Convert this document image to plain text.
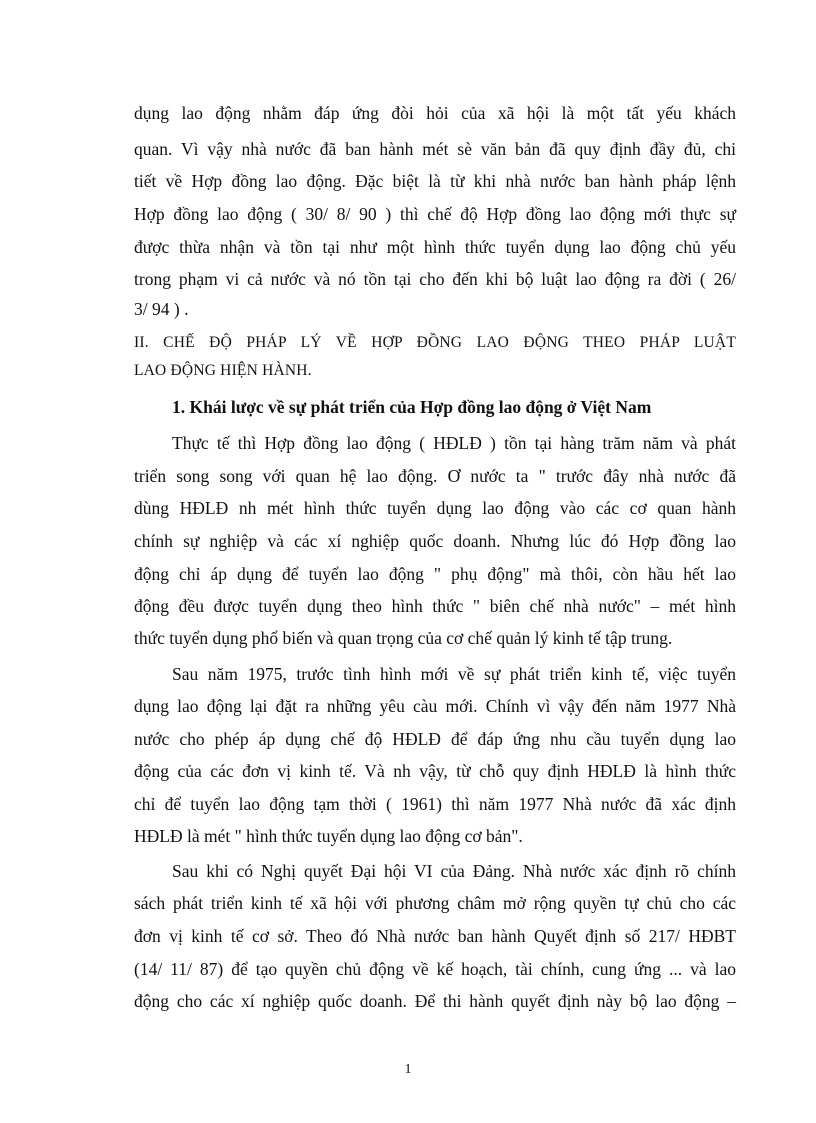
dụng lao động nhằm đáp ứng đòi hỏi của xã hội là một tất yếu khách
quan. Vì vậy nhà nước đã ban hành mét sè văn bản đã quy định đầy đủ, chi
tiết về Hợp đồng lao động. Đặc biệt là từ khi nhà nước ban hành pháp lệnh
Hợp đồng lao động ( 30/ 8/ 90 ) thì chế độ Hợp đồng lao động mới thực sự
được thừa nhận và tồn tại như một hình thức tuyển dụng lao động chủ yếu
trong phạm vi cả nước và nó tồn tại cho đến khi bộ luật lao động ra đời ( 26/
3/ 94 ) .
II. CHẾ ĐỘ PHÁP LÝ VỀ HỢP ĐỒNG LAO ĐỘNG THEO PHÁP LUẬT
LAO ĐỘNG HIỆN HÀNH.
1. Khái lược về sự phát triển của Hợp đồng lao động ở Việt Nam
Thực tế thì Hợp đồng lao động ( HĐLĐ ) tồn tại hàng trăm năm và phát
triển song song với quan hệ lao động. Ơ nước ta " trước đây nhà nước đã
dùng HĐLĐ nh mét hình thức tuyển dụng lao động vào các cơ quan hành
chính sự nghiệp và các xí nghiệp quốc doanh. Nhưng lúc đó Hợp đồng lao
động chỉ áp dụng để tuyển lao động " phụ động" mà thôi, còn hầu hết lao
động đều được tuyển dụng theo hình thức " biên chế nhà nước" – mét hình
thức tuyển dụng phổ biến và quan trọng của cơ chế quản lý kinh tế tập trung.
Sau năm 1975, trước tình hình mới về sự phát triển kinh tế, việc tuyển
dụng lao động lại đặt ra những yêu càu mới. Chính vì vậy đến năm 1977 Nhà
nước cho phép áp dụng chế độ HĐLĐ để đáp ứng nhu cầu tuyển dụng lao
động của các đơn vị kinh tế. Và nh vậy, từ chỗ quy định HĐLĐ là hình thức
chỉ để tuyển lao động tạm thời ( 1961) thì năm 1977 Nhà nước đã xác định
HĐLĐ là mét " hình thức tuyển dụng lao động cơ bản".
Sau khi có Nghị quyết Đại hội VI của Đảng. Nhà nước xác định rõ chính
sách phát triển kinh tế xã hội với phương châm mở rộng quyền tự chủ cho các
đơn vị kinh tế cơ sở. Theo đó Nhà nước ban hành Quyết định số 217/ HĐBT
(14/ 11/ 87) để tạo quyền chủ động về kế hoạch, tài chính, cung ứng ... và lao
động cho các xí nghiệp quốc doanh. Để thi hành quyết định này bộ lao động –
1
